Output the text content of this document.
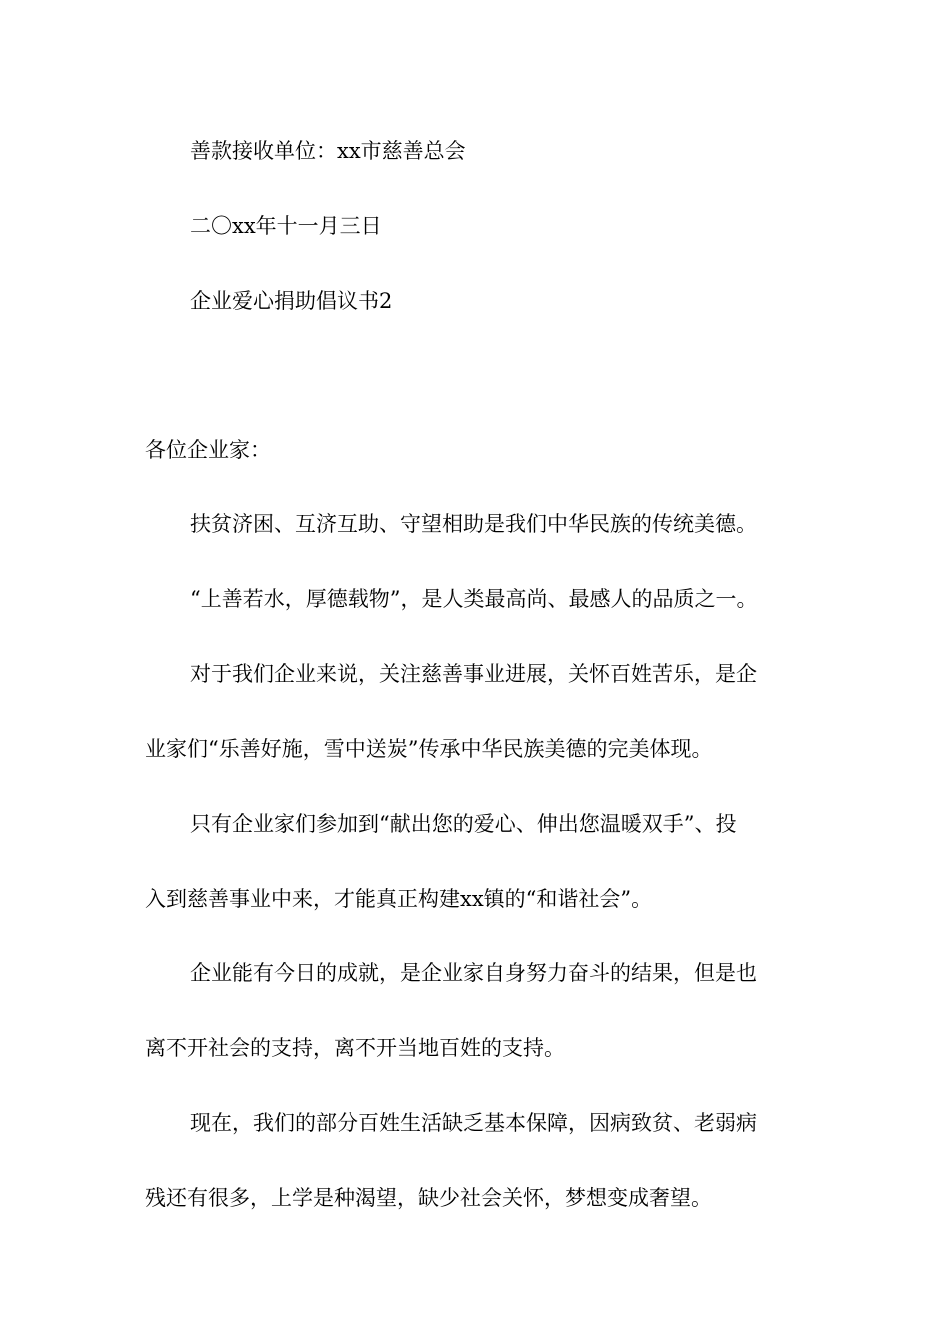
善款接收单位：xx市慈善总会
二〇xx年十一月三日
企业爱心捐助倡议书2
各位企业家：
扶贫济困、互济互助、守望相助是我们中华民族的传统美德。
“上善若水，厚德载物”，是人类最高尚、最感人的品质之一。
对于我们企业来说，关注慈善事业进展，关怀百姓苦乐，是企
业家们“乐善好施，雪中送炭”传承中华民族美德的完美体现。
只有企业家们参加到“献出您的爱心、伸出您温暖双手”、投
入到慈善事业中来，才能真正构建xx镇的“和谐社会”。
企业能有今日的成就，是企业家自身努力奋斗的结果，但是也
离不开社会的支持，离不开当地百姓的支持。
现在，我们的部分百姓生活缺乏基本保障，因病致贫、老弱病
残还有很多，上学是种渴望，缺少社会关怀，梦想变成奢望。
